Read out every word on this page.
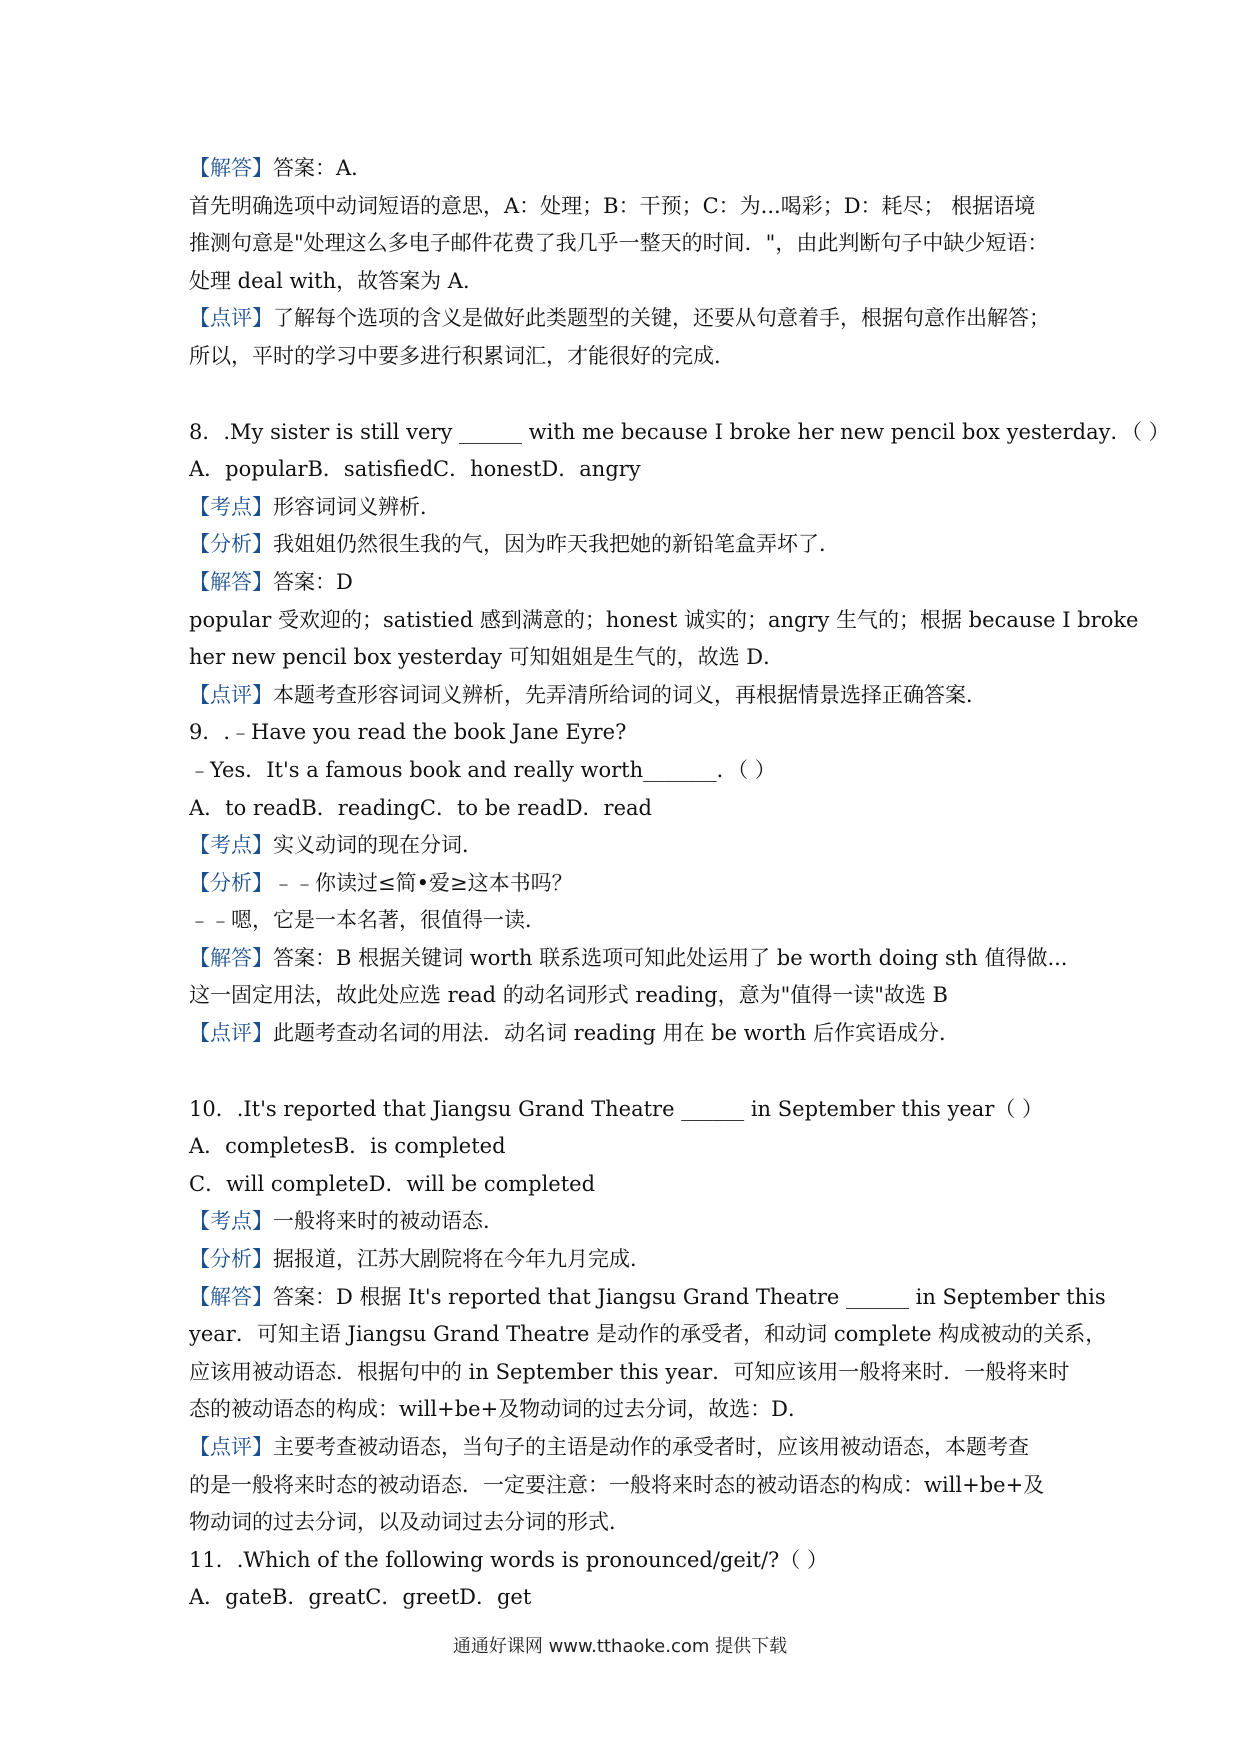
【解答】答案：A．
首先明确选项中动词短语的意思，A：处理；B：干预；C：为...喝彩；D：耗尽； 根据语境
推测句意是"处理这么多电子邮件花费了我几乎一整天的时间．"，由此判断句子中缺少短语：
处理 deal with，故答案为 A．
【点评】了解每个选项的含义是做好此类题型的关键，还要从句意着手，根据句意作出解答；
所以，平时的学习中要多进行积累词汇，才能很好的完成．
8．.My sister is still very ______ with me because I broke her new pencil box yesterday．（ ）
A．popularB．satisfiedC．honestD．angry
【考点】形容词词义辨析．
【分析】我姐姐仍然很生我的气，因为昨天我把她的新铅笔盒弄坏了．
【解答】答案：D
popular 受欢迎的；satistied 感到满意的；honest 诚实的；angry 生气的；根据 because I broke
her new pencil box yesterday 可知姐姐是生气的，故选 D．
【点评】本题考查形容词词义辨析，先弄清所给词的词义，再根据情景选择正确答案．
9．.﹣Have you read the book Jane Eyre?
﹣Yes．It's a famous book and really worth_______．（ ）
A．to readB．readingC．to be readD．read
【考点】实义动词的现在分词．
【分析】﹣﹣你读过≤简•爱≥这本书吗？
﹣﹣嗯，它是一本名著，很值得一读．
【解答】答案：B 根据关键词 worth 联系选项可知此处运用了 be worth doing sth 值得做...
这一固定用法，故此处应选 read 的动名词形式 reading，意为"值得一读"故选 B
【点评】此题考查动名词的用法．动名词 reading 用在 be worth 后作宾语成分．
10．.It's reported that Jiangsu Grand Theatre ______ in September this year（ ）
A．completesB．is completed
C．will completeD．will be completed
【考点】一般将来时的被动语态．
【分析】据报道，江苏大剧院将在今年九月完成．
【解答】答案：D 根据 It's reported that Jiangsu Grand Theatre ______ in September this
year．可知主语 Jiangsu Grand Theatre 是动作的承受者，和动词 complete 构成被动的关系，
应该用被动语态．根据句中的 in September this year．可知应该用一般将来时．一般将来时
态的被动语态的构成：will+be+及物动词的过去分词，故选：D．
【点评】主要考查被动语态，当句子的主语是动作的承受者时，应该用被动语态，本题考查
的是一般将来时态的被动语态．一定要注意：一般将来时态的被动语态的构成：will+be+及
物动词的过去分词，以及动词过去分词的形式．
11．.Which of the following words is pronounced/geit/?（ ）
A．gateB．greatC．greetD．get
通通好课网 www.tthaoke.com 提供下载
